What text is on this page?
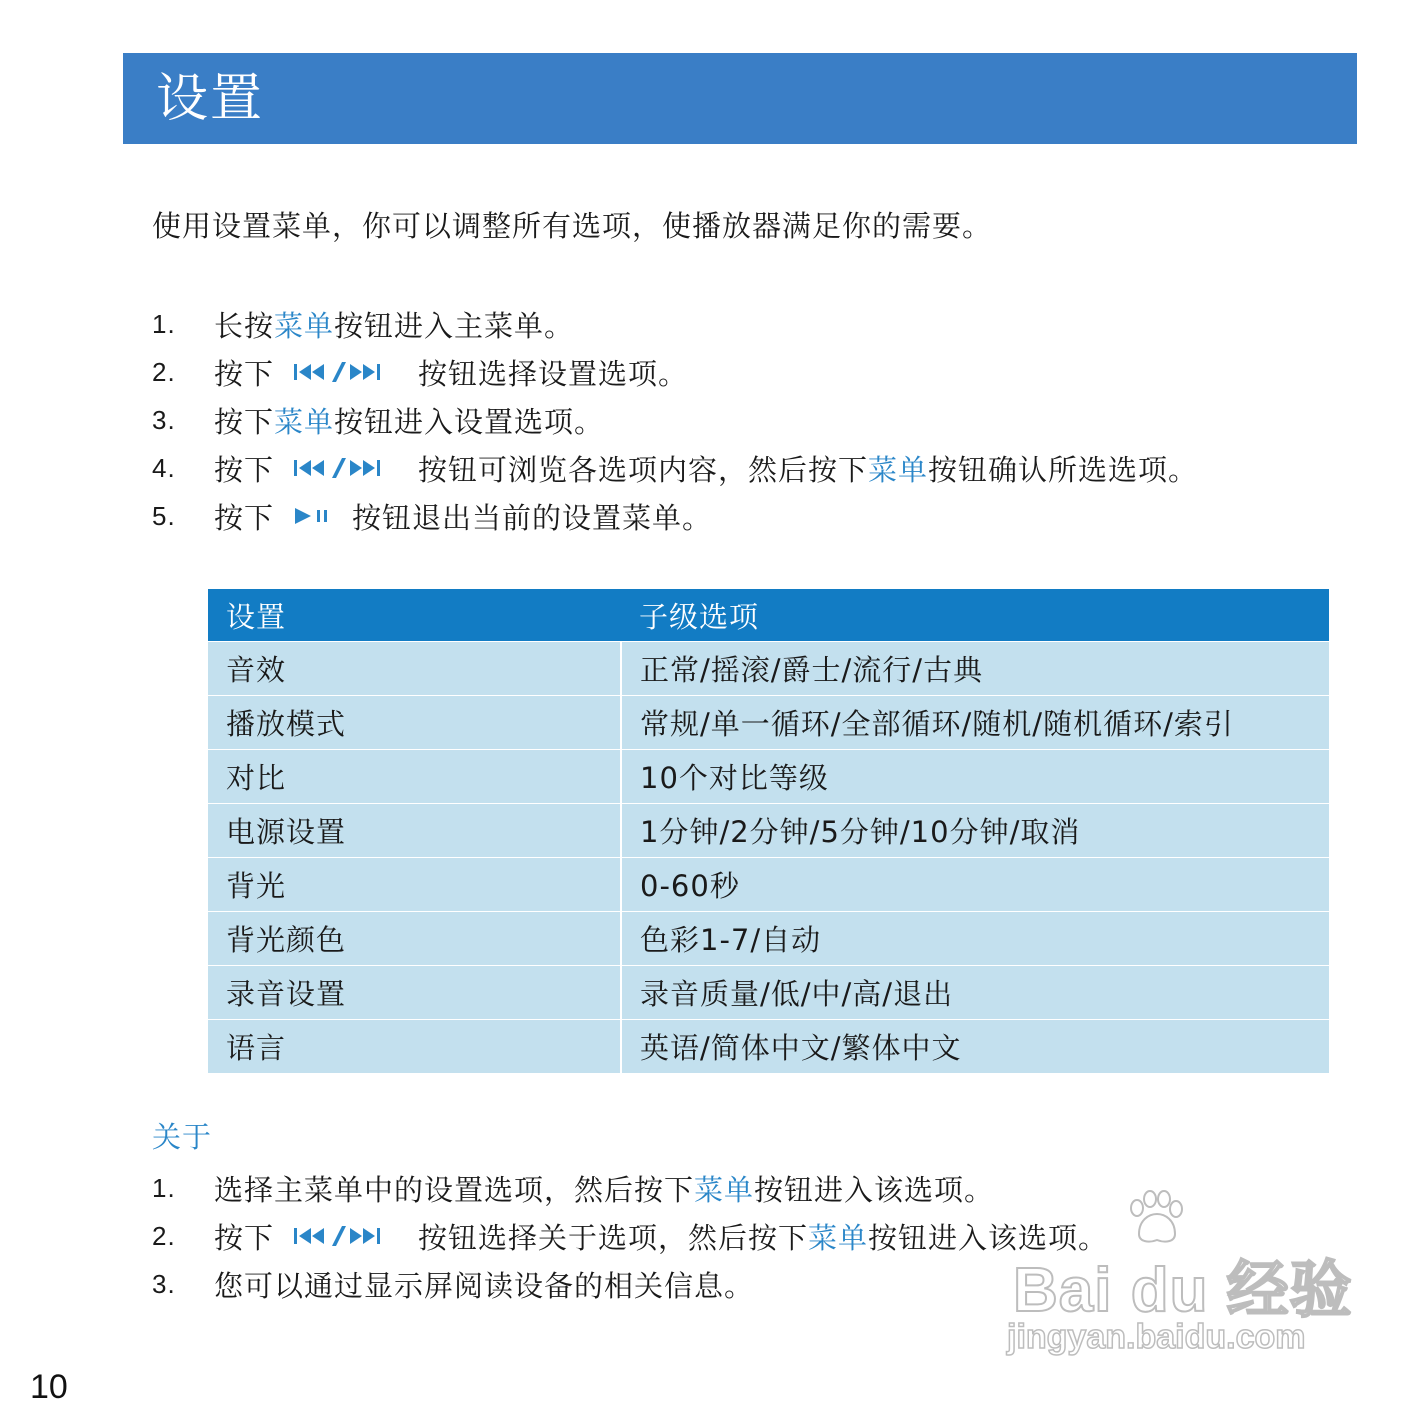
设置
使用设置菜单，你可以调整所有选项，使播放器满足你的需要。
1.	长按 菜单 按钮进入主菜单。
2.	按下	按钮选择设置选项。
3.	按下 菜单 按钮进入设置选项。
4.	按下	按钮可浏览各选项内容，然后按下 菜单 按钮确认所选选项。
5.	按下	按钮退出当前的设置菜单。
设置	子级选项
音效	正常/摇滚/爵士/流行/古典
播放模式	常规/单一循环/全部循环/随机/随机循环/索引
对比	10个对比等级
电源设置	1分钟/2分钟/5分钟/10分钟/取消
背光	0-60秒
背光颜色	色彩1-7/自动
录音设置	录音质量/低/中/高/退出
语言	英语/简体中文/繁体中文
关于
1.	选择主菜单中的设置选项，然后按下 菜单 按钮进入该选项。
2.	按下	按钮选择关于选项，然后按下 菜单 按钮进入该选项。
3.	您可以通过显示屏阅读设备的相关信息。	Bai du 经验
jingyan.baidu.com
10
